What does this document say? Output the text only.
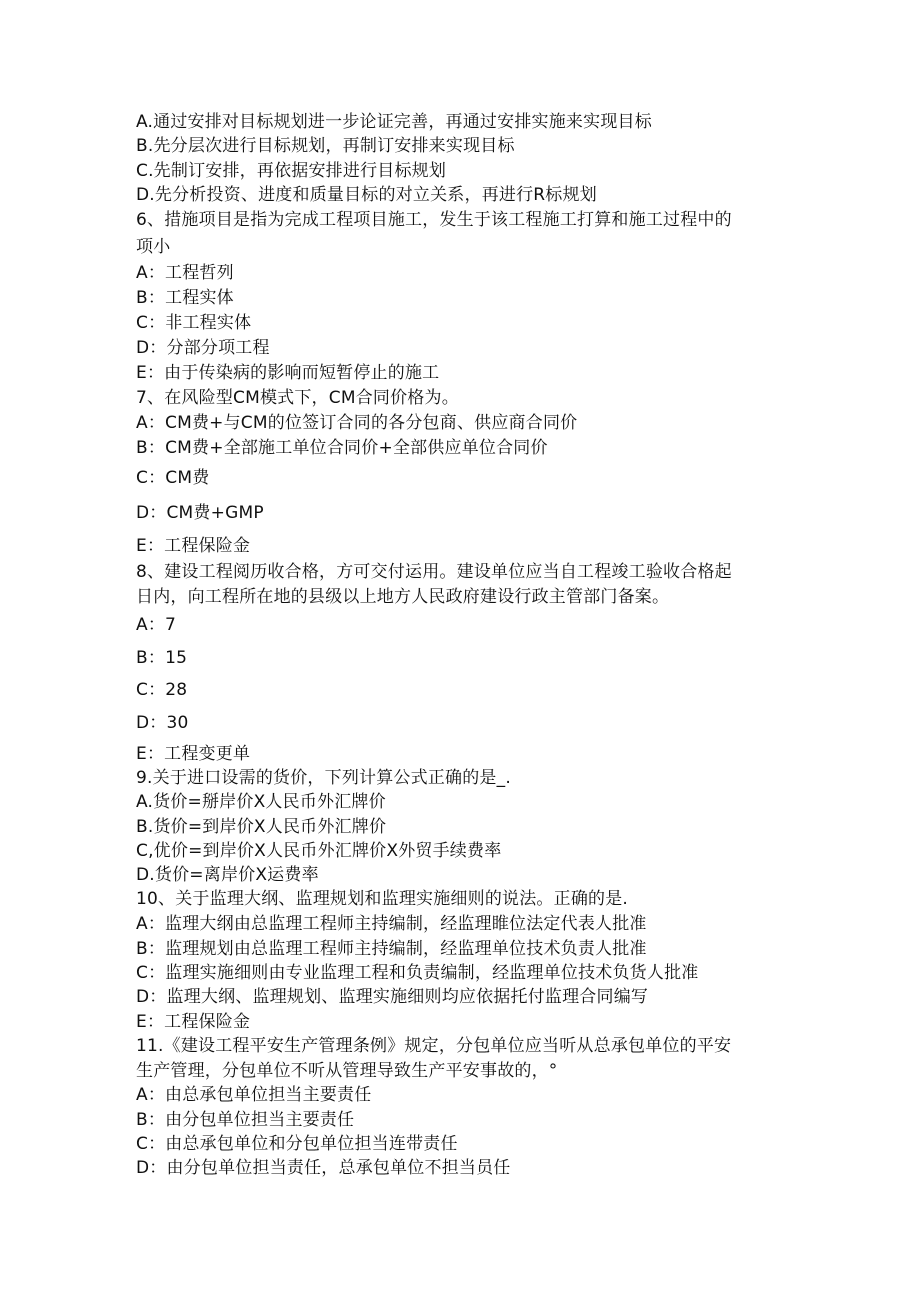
A.通过安排对目标规划进一步论证完善，再通过安排实施来实现目标
B.先分层次进行目标规划，再制订安排来实现目标
C.先制订安排，再依据安排进行目标规划
D.先分析投资、进度和质量目标的对立关系，再进行R标规划
6、措施项目是指为完成工程项目施工，发生于该工程施工打算和施工过程中的
项小
A：工程哲列
B：工程实体
C：非工程实体
D：分部分项工程
E：由于传染病的影响而短暂停止的施工
7、在风险型CM模式下，CM合同价格为。
A：CM费+与CM的位签订合同的各分包商、供应商合同价
B：CM费+全部施工单位合同价+全部供应单位合同价
C：CM费
D：CM费+GMP
E：工程保险金
8、建设工程阅历收合格，方可交付运用。建设单位应当自工程竣工验收合格起
日内，向工程所在地的县级以上地方人民政府建设行政主管部门备案。
A：7
B：15
C：28
D：30
E：工程变更单
9.关于进口设需的货价，下列计算公式正确的是_.
A.货价=掰岸价X人民币外汇牌价
B.货价=到岸价X人民币外汇牌价
C,优价=到岸价X人民币外汇牌价X外贸手续费率
D.货价=离岸价X运费率
10、关于监理大纲、监理规划和监理实施细则的说法。正确的是.
A：监理大纲由总监理工程师主持编制，经监理睢位法定代表人批准
B：监理规划由总监理工程师主持编制，经监理单位技术负责人批准
C：监理实施细则由专业监理工程和负责编制，经监理单位技术负货人批准
D：监理大纲、监理规划、监理实施细则均应依据托付监理合同编写
E：工程保险金
11.《建设工程平安生产管理条例》规定，分包单位应当听从总承包单位的平安
生产管理，分包单位不听从管理导致生产平安事故的，°
A：由总承包单位担当主要责任
B：由分包单位担当主要责任
C：由总承包单位和分包单位担当连带责任
D：由分包单位担当责任，总承包单位不担当员任
